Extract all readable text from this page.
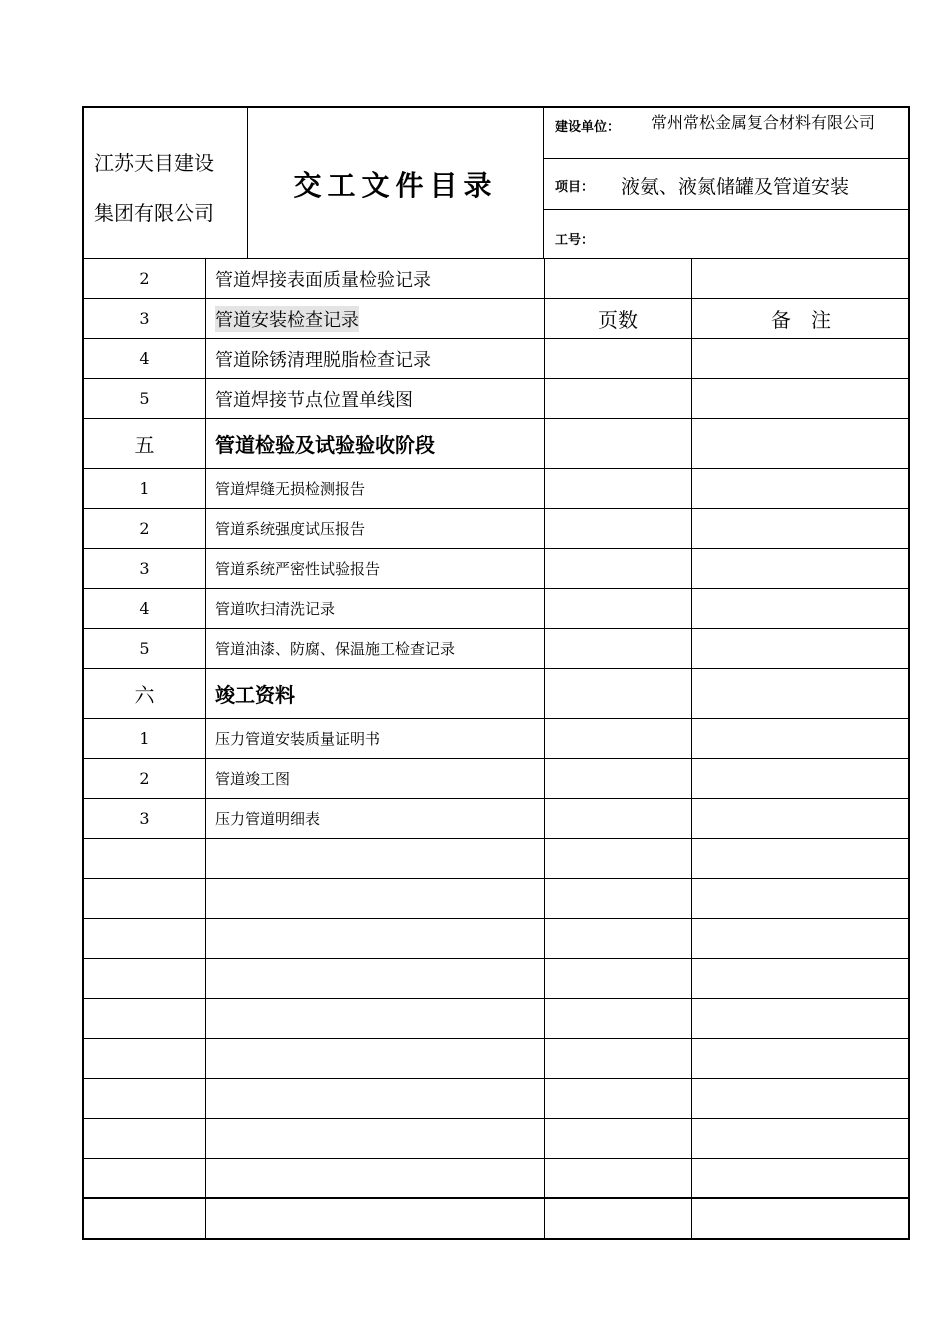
江苏天目建设
集团有限公司
交工文件目录
建设单位： 常州常松金属复合材料有限公司
项目： 液氨、液氮储罐及管道安装
工号：
2	管道焊接表面质量检验记录
3	管道安装检查记录	页数	备　注
4	管道除锈清理脱脂检查记录
5	管道焊接节点位置单线图
五	管道检验及试验验收阶段
1	管道焊缝无损检测报告
2	管道系统强度试压报告
3	管道系统严密性试验报告
4	管道吹扫清洗记录
5	管道油漆、防腐、保温施工检查记录
六	竣工资料
1	压力管道安装质量证明书
2	管道竣工图
3	压力管道明细表
